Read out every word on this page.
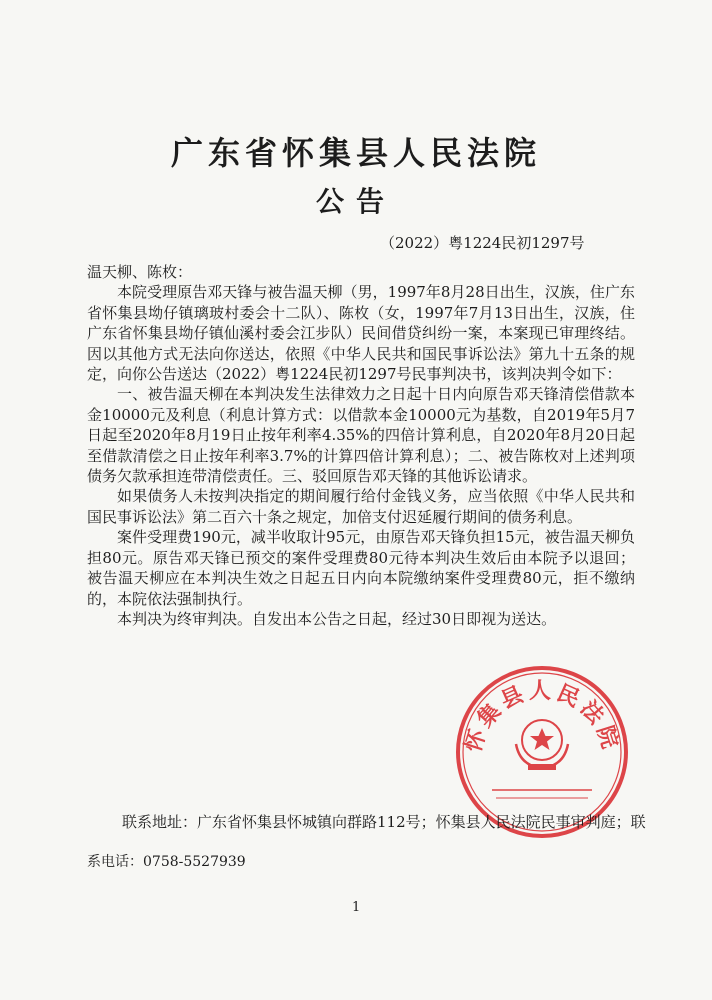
广东省怀集县人民法院
公告
（2022）粤1224民初1297号

温天柳、陈枚：

本院受理原告邓天锋与被告温天柳（男，1997年8月28日出生，汉族，住广东省怀集县坳仔镇璃玻村委会十二队）、陈枚（女，1997年7月13日出生，汉族，住广东省怀集县坳仔镇仙溪村委会江步队）民间借贷纠纷一案，本案现已审理终结。因以其他方式无法向你送达，依照《中华人民共和国民事诉讼法》第九十五条的规定，向你公告送达（2022）粤1224民初1297号民事判决书，该判决判令如下：

一、被告温天柳在本判决发生法律效力之日起十日内向原告邓天锋清偿借款本金10000元及利息（利息计算方式：以借款本金10000元为基数，自2019年5月7日起至2020年8月19日止按年利率4.35%的四倍计算利息，自2020年8月20日起至借款清偿之日止按年利率3.7%的计算四倍计算利息）；二、被告陈枚对上述判项债务欠款承担连带清偿责任。三、驳回原告邓天锋的其他诉讼请求。

如果债务人未按判决指定的期间履行给付金钱义务，应当依照《中华人民共和国民事诉讼法》第二百六十条之规定，加倍支付迟延履行期间的债务利息。

案件受理费190元，减半收取计95元，由原告邓天锋负担15元，被告温天柳负担80元。原告邓天锋已预交的案件受理费80元待本判决生效后由本院予以退回；被告温天柳应在本判决生效之日起五日内向本院缴纳案件受理费80元，拒不缴纳的，本院依法强制执行。

本判决为终审判决。自发出本公告之日起，经过30日即视为送达。

怀集县人民法院
联系地址：广东省怀集县怀城镇向群路112号；怀集县人民法院民事审判庭；联
系电话：0758-5527939
1
